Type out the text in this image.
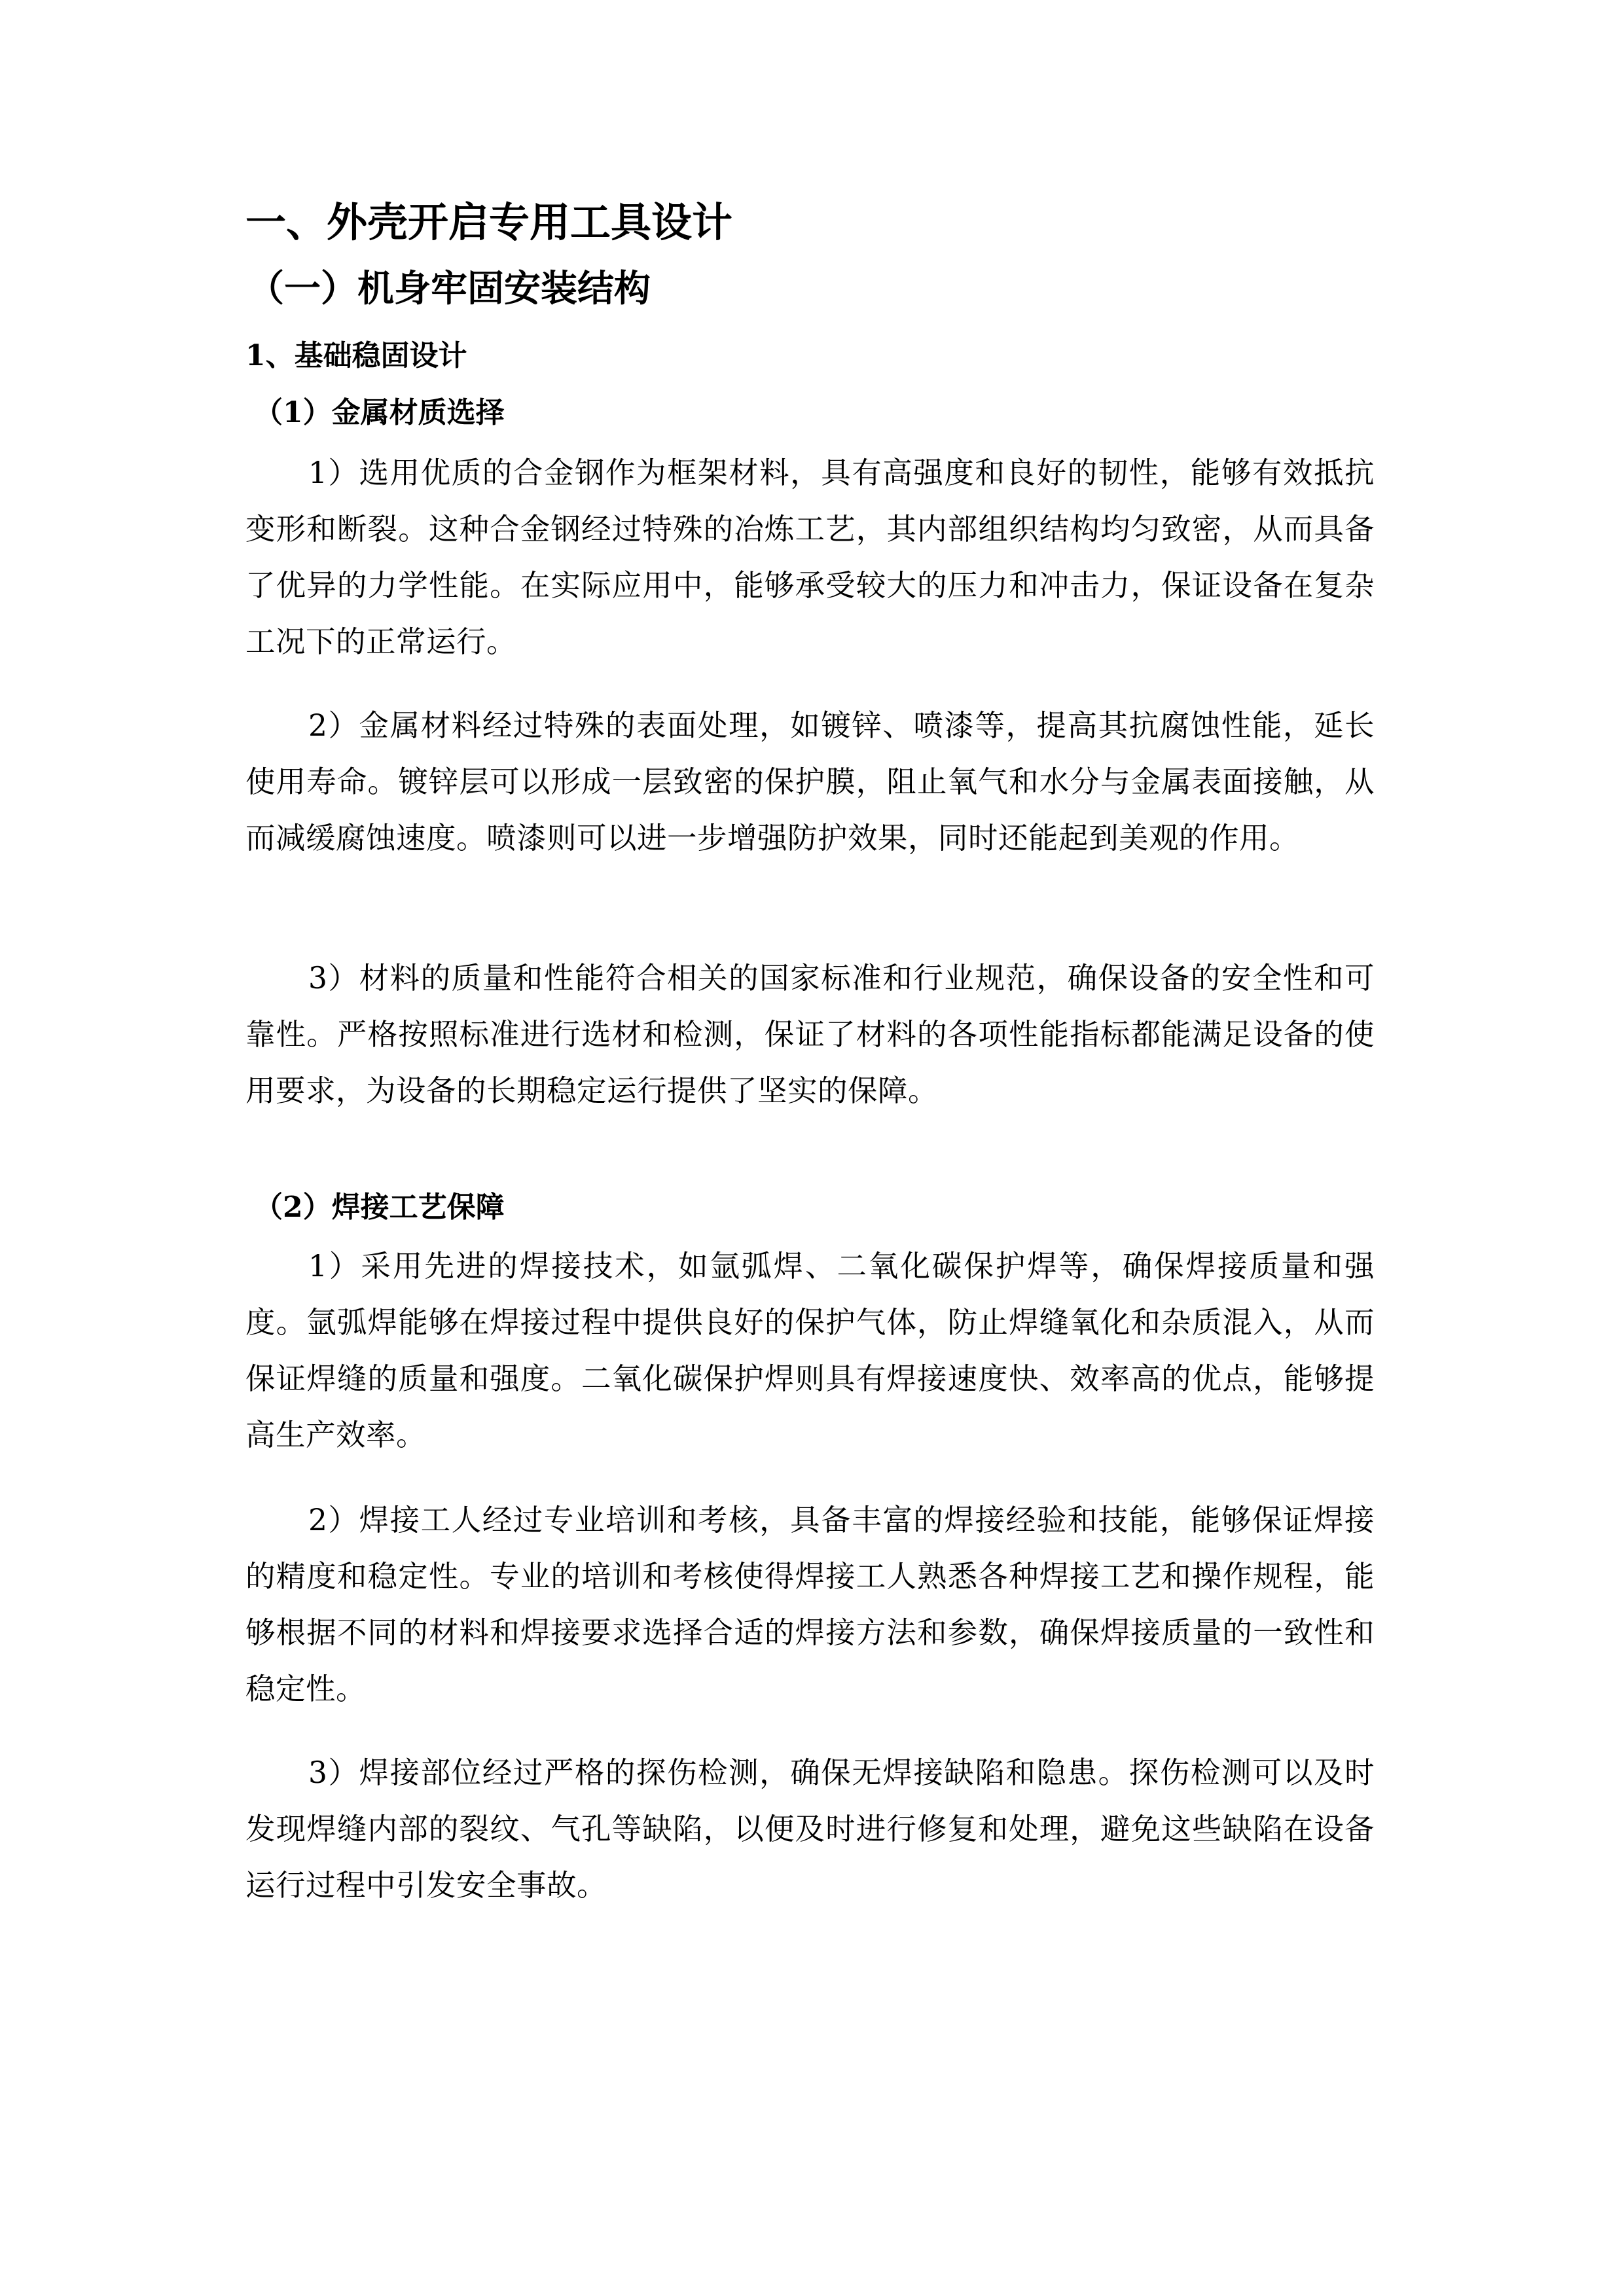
一、外壳开启专用工具设计
（一）机身牢固安装结构
1、基础稳固设计
（1）金属材质选择

1）选用优质的合金钢作为框架材料，具有高强度和良好的韧性，能够有效抵抗变形和断裂。这种合金钢经过特殊的冶炼工艺，其内部组织结构均匀致密，从而具备了优异的力学性能。在实际应用中，能够承受较大的压力和冲击力，保证设备在复杂工况下的正常运行。

2）金属材料经过特殊的表面处理，如镀锌、喷漆等，提高其抗腐蚀性能，延长使用寿命。镀锌层可以形成一层致密的保护膜，阻止氧气和水分与金属表面接触，从而减缓腐蚀速度。喷漆则可以进一步增强防护效果，同时还能起到美观的作用。

3）材料的质量和性能符合相关的国家标准和行业规范，确保设备的安全性和可靠性。严格按照标准进行选材和检测，保证了材料的各项性能指标都能满足设备的使用要求，为设备的长期稳定运行提供了坚实的保障。

（2）焊接工艺保障

1）采用先进的焊接技术，如氩弧焊、二氧化碳保护焊等，确保焊接质量和强度。氩弧焊能够在焊接过程中提供良好的保护气体，防止焊缝氧化和杂质混入，从而保证焊缝的质量和强度。二氧化碳保护焊则具有焊接速度快、效率高的优点，能够提高生产效率。

2）焊接工人经过专业培训和考核，具备丰富的焊接经验和技能，能够保证焊接的精度和稳定性。专业的培训和考核使得焊接工人熟悉各种焊接工艺和操作规程，能够根据不同的材料和焊接要求选择合适的焊接方法和参数，确保焊接质量的一致性和稳定性。

3）焊接部位经过严格的探伤检测，确保无焊接缺陷和隐患。探伤检测可以及时发现焊缝内部的裂纹、气孔等缺陷，以便及时进行修复和处理，避免这些缺陷在设备运行过程中引发安全事故。
